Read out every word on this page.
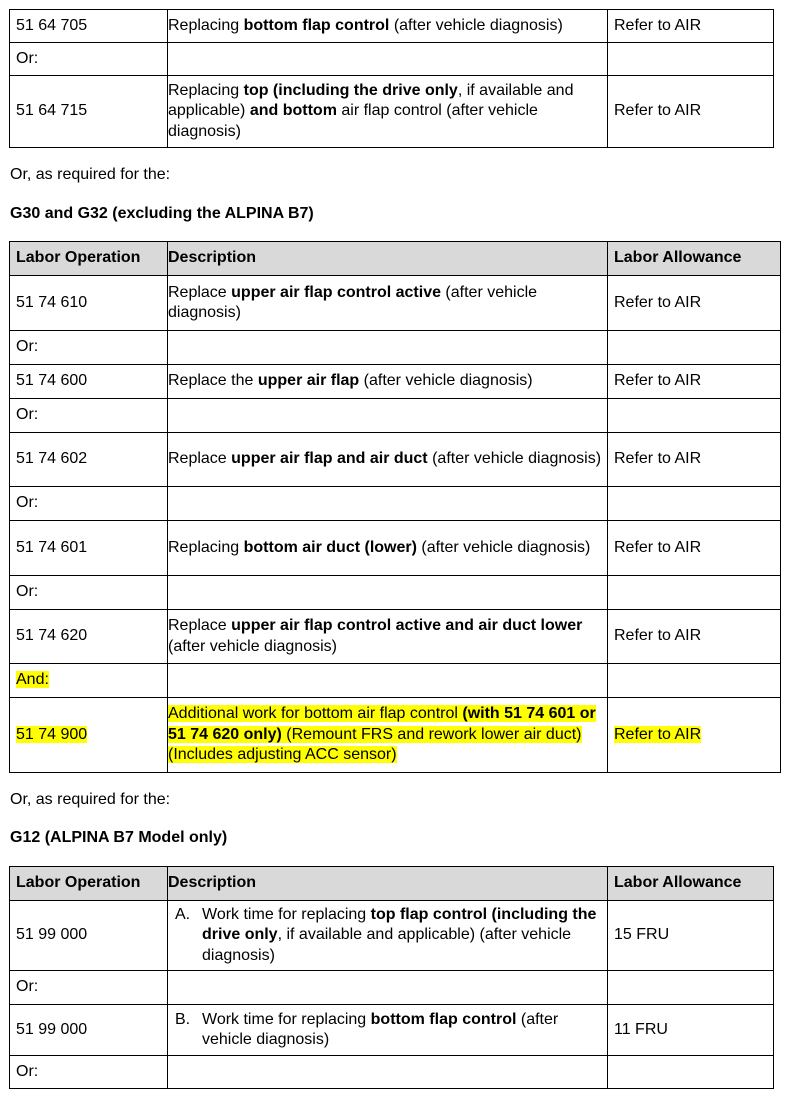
51 64 705	Replacing bottom flap control (after vehicle diagnosis)	Refer to AIR
Or:		
51 64 715	Replacing top (including the drive only, if available and applicable) and bottom air flap control (after vehicle diagnosis)	Refer to AIR

Or, as required for the:

G30 and G32 (excluding the ALPINA B7)

Labor Operation	Description	Labor Allowance
51 74 610	Replace upper air flap control active (after vehicle diagnosis)	Refer to AIR
Or:		
51 74 600	Replace the upper air flap (after vehicle diagnosis)	Refer to AIR
Or:		
51 74 602	Replace upper air flap and air duct (after vehicle diagnosis)	Refer to AIR
Or:		
51 74 601	Replacing bottom air duct (lower) (after vehicle diagnosis)	Refer to AIR
Or:		
51 74 620	Replace upper air flap control active and air duct lower (after vehicle diagnosis)	Refer to AIR
And:		
51 74 900	Additional work for bottom air flap control (with 51 74 601 or 51 74 620 only) (Remount FRS and rework lower air duct) (Includes adjusting ACC sensor)	Refer to AIR

Or, as required for the:

G12 (ALPINA B7 Model only)

Labor Operation	Description	Labor Allowance
51 99 000	A. Work time for replacing top flap control (including the drive only, if available and applicable) (after vehicle diagnosis)	15 FRU
Or:		
51 99 000	B. Work time for replacing bottom flap control (after vehicle diagnosis)	11 FRU
Or:		
